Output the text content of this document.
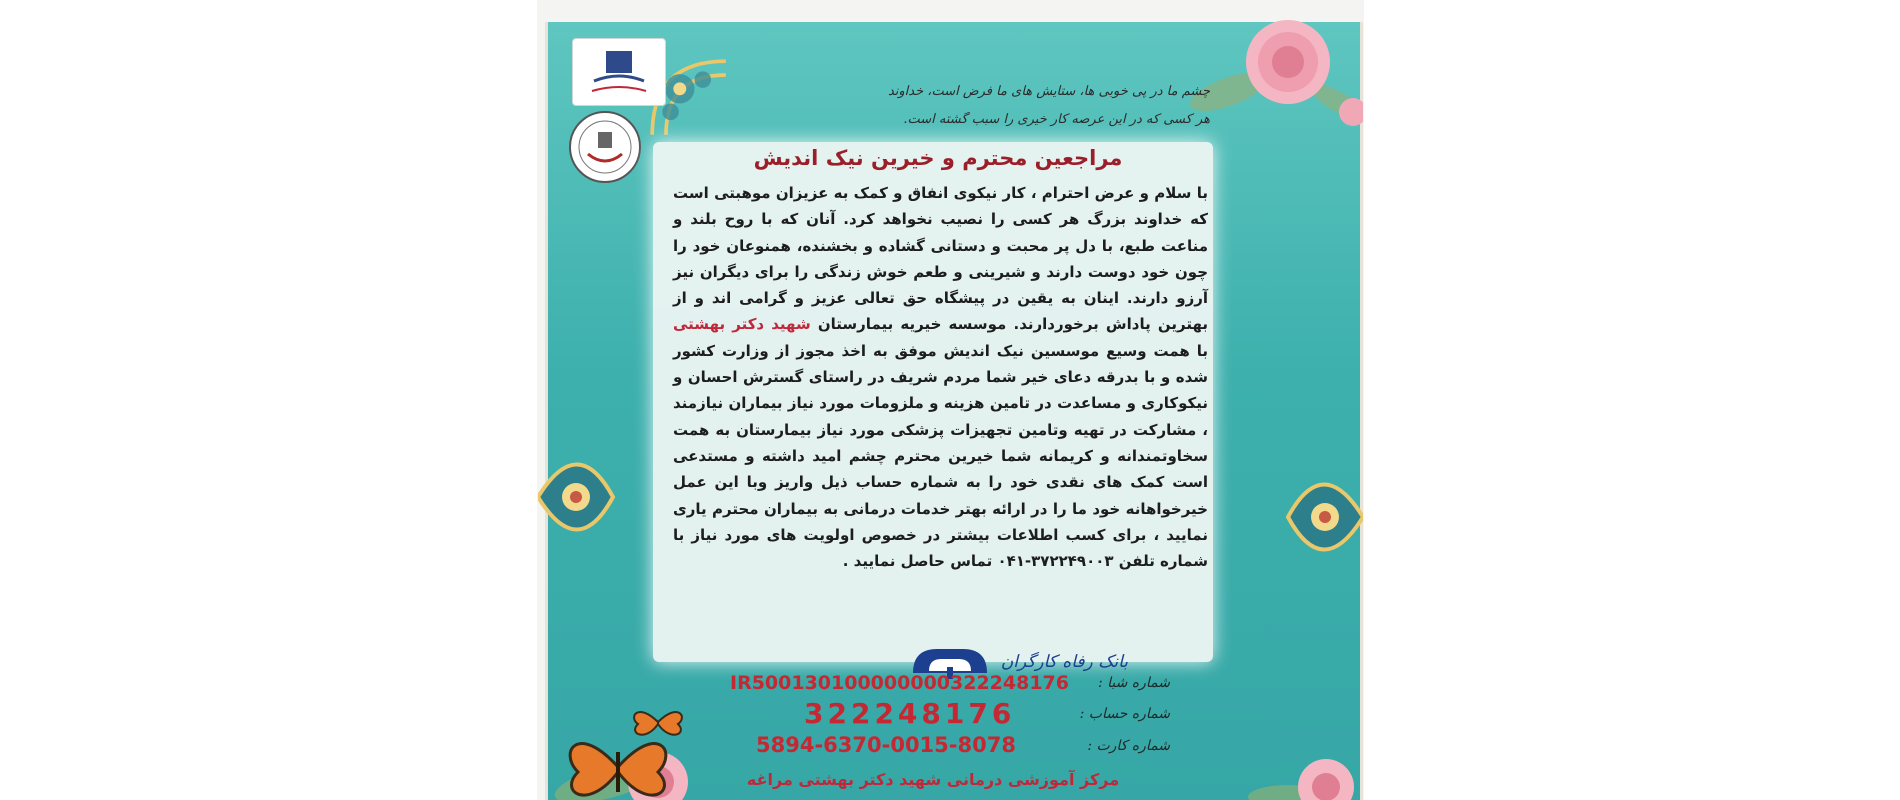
چشم ما در پی خوبی ها، ستایش های ما فرض است، خداوند
هر کسی که در این عرصه کار خیری را سبب گشته است.
مراجعین محترم و خیرین نیک اندیش
با سلام و عرض احترام ، کار نیکوی انفاق و کمک به عزیزان موهبتی است که خداوند بزرگ هر کسی را نصیب نخواهد کرد. آنان که با روح بلند و مناعت طبع، با دل پر محبت و دستانی گشاده و بخشنده، همنوعان خود را چون خود دوست دارند و شیرینی و طعم خوش زندگی را برای دیگران نیز آرزو دارند. اینان به یقین در پیشگاه حق تعالی عزیز و گرامی اند و از بهترین پاداش برخوردارند. موسسه خیریه بیمارستان شهید دکتر بهشتی با همت وسیع موسسین نیک اندیش موفق به اخذ مجوز از وزارت کشور شده و با بدرقه دعای خیر شما مردم شریف در راستای گسترش احسان و نیکوکاری و مساعدت در تامین هزینه و ملزومات مورد نیاز بیماران نیازمند ، مشارکت در تهیه وتامین تجهیزات پزشکی مورد نیاز بیمارستان به همت سخاوتمندانه و کریمانه شما خیرین محترم چشم امید داشته و مستدعی است کمک های نقدی خود را به شماره حساب ذیل واریز وبا این عمل خیرخواهانه خود ما را در ارائه بهتر خدمات درمانی به بیماران محترم یاری نمایید ، برای کسب اطلاعات بیشتر در خصوص اولویت های مورد نیاز با شماره تلفن ۳۷۲۲۴۹۰۰۳-۰۴۱ تماس حاصل نمایید .
بانک رفاه کارگران
شماره شبا :
IR500130100000000322248176
شماره حساب :
322248176
شماره کارت :
5894-6370-0015-8078
مرکز آموزشی درمانی شهید دکتر بهشتی مراغه
